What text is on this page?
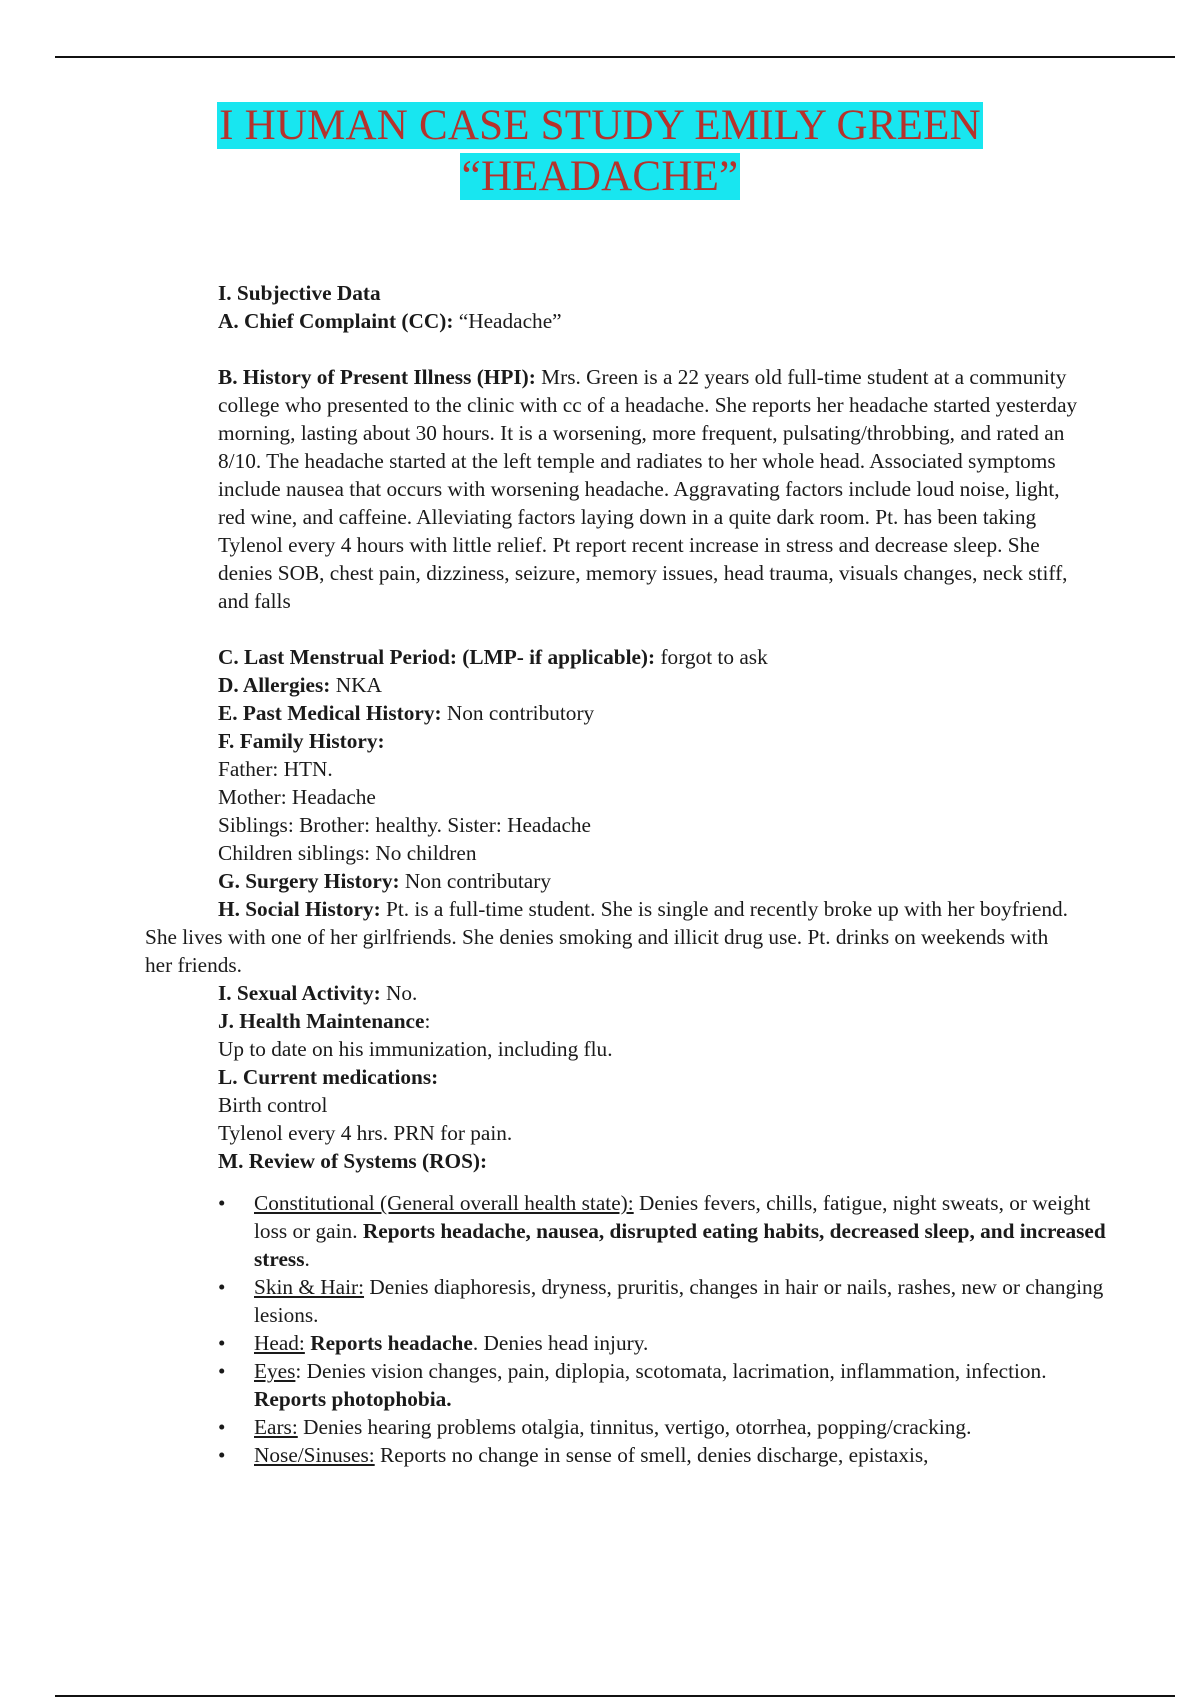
I HUMAN CASE STUDY EMILY GREEN
“HEADACHE”

I. Subjective Data

A. Chief Complaint (CC): “Headache”

B. History of Present Illness (HPI): Mrs. Green is a 22 years old full-time student at a community college who presented to the clinic with cc of a headache. She reports her headache started yesterday morning, lasting about 30 hours. It is a worsening, more frequent, pulsating/throbbing, and rated an 8/10. The headache started at the left temple and radiates to her whole head. Associated symptoms include nausea that occurs with worsening headache. Aggravating factors include loud noise, light, red wine, and caffeine. Alleviating factors laying down in a quite dark room. Pt. has been taking Tylenol every 4 hours with little relief. Pt report recent increase in stress and decrease sleep. She denies SOB, chest pain, dizziness, seizure, memory issues, head trauma, visuals changes, neck stiff, and falls

C. Last Menstrual Period: (LMP- if applicable): forgot to ask

D. Allergies: NKA

E. Past Medical History: Non contributory

F. Family History:

Father: HTN.

Mother: Headache

Siblings: Brother: healthy. Sister: Headache

Children siblings: No children

G. Surgery History: Non contributary

H. Social History: Pt. is a full-time student. She is single and recently broke up with her boyfriend. She lives with one of her girlfriends. She denies smoking and illicit drug use. Pt. drinks on weekends with her friends.

I. Sexual Activity: No.

J. Health Maintenance:

Up to date on his immunization, including flu.

L. Current medications:

Birth control

Tylenol every 4 hrs. PRN for pain.

M. Review of Systems (ROS):

• Constitutional (General overall health state): Denies fevers, chills, fatigue, night sweats, or weight loss or gain. Reports headache, nausea, disrupted eating habits, decreased sleep, and increased stress.
• Skin & Hair: Denies diaphoresis, dryness, pruritis, changes in hair or nails, rashes, new or changing lesions.
• Head: Reports headache. Denies head injury.
• Eyes: Denies vision changes, pain, diplopia, scotomata, lacrimation, inflammation, infection. Reports photophobia.
• Ears: Denies hearing problems otalgia, tinnitus, vertigo, otorrhea, popping/cracking.
• Nose/Sinuses: Reports no change in sense of smell, denies discharge, epistaxis,
